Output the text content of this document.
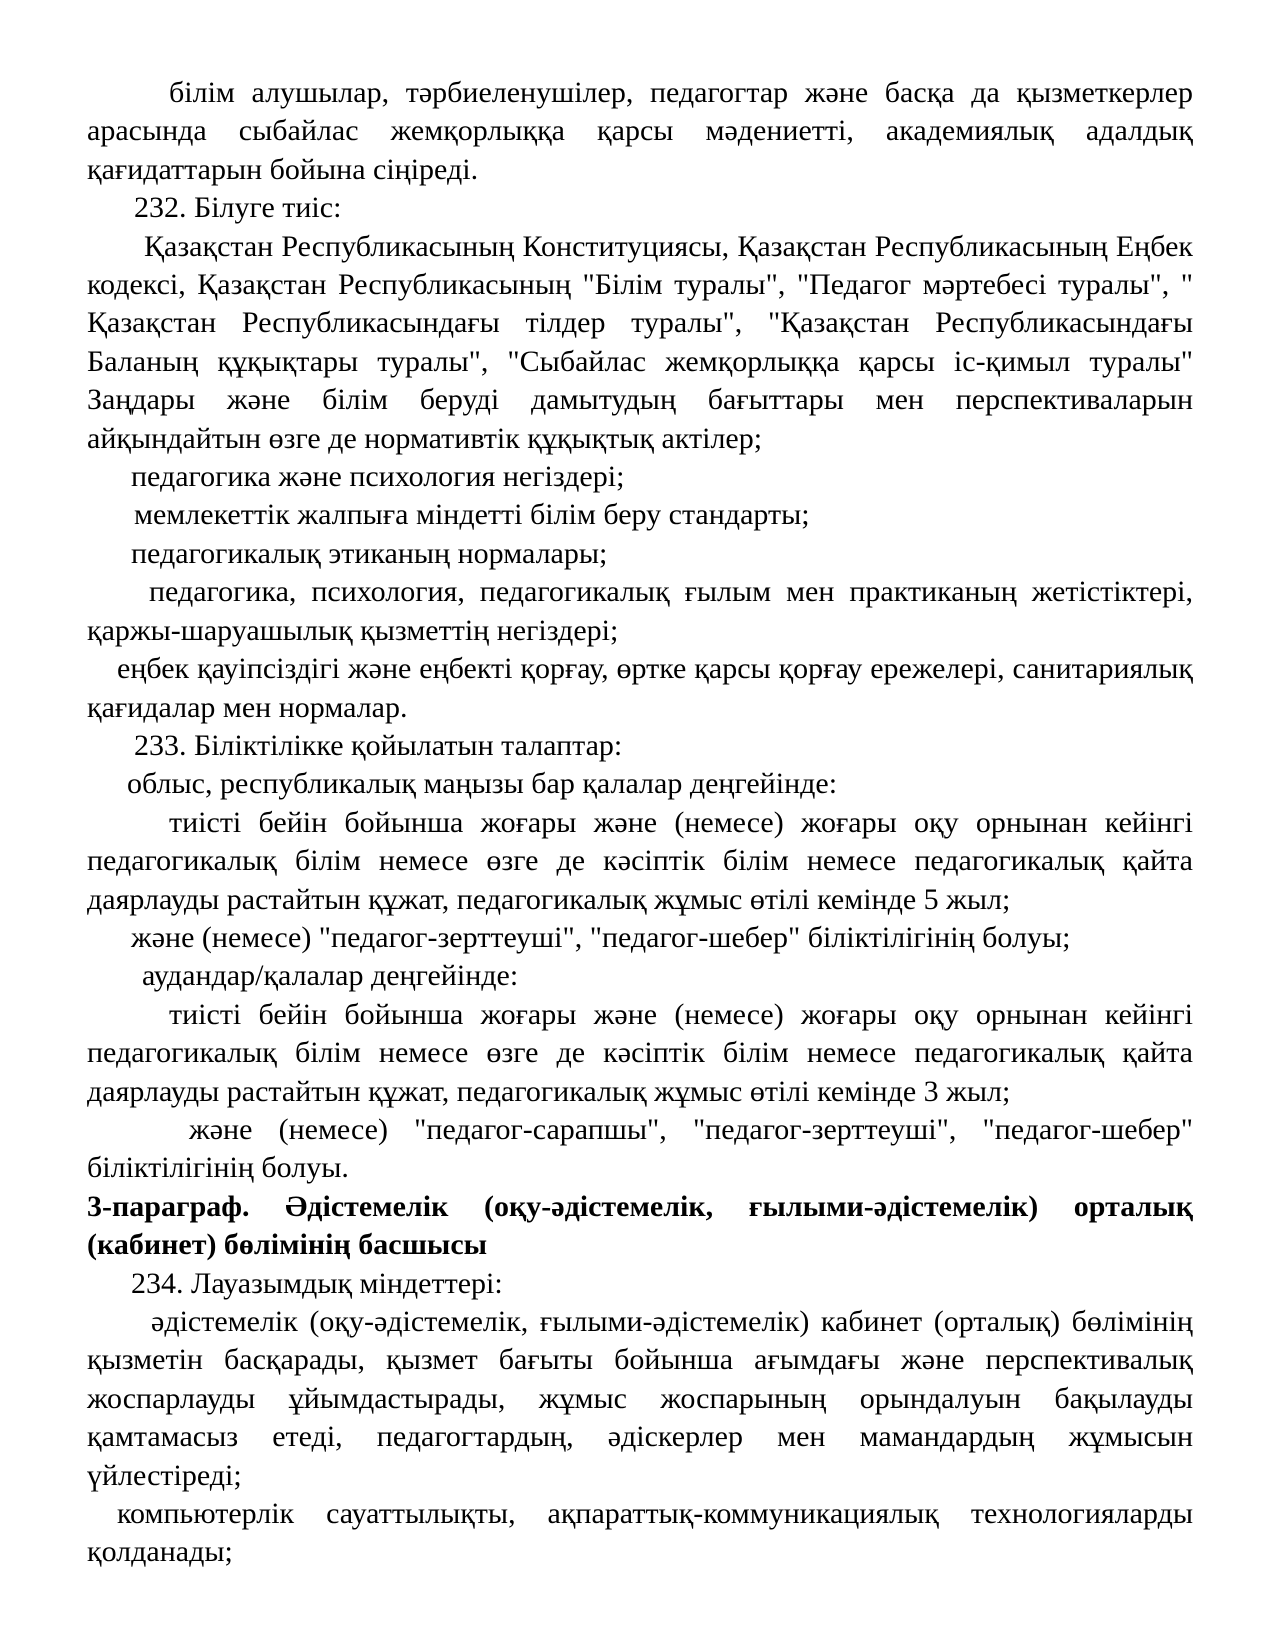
білім алушылар, тәрбиеленушілер, педагогтар және басқа да қызметкерлер арасында сыбайлас жемқорлыққа қарсы мәдениетті, академиялық адалдық қағидаттарын бойына сіңіреді.

232. Білуге тиіс:

Қазақстан Республикасының Конституциясы, Қазақстан Республикасының Еңбек кодексі, Қазақстан Республикасының "Білім туралы", "Педагог мәртебесі туралы", " Қазақстан Республикасындағы тілдер туралы", "Қазақстан Республикасындағы Баланың құқықтары туралы", "Сыбайлас жемқорлыққа қарсы іс-қимыл туралы" Заңдары және білім беруді дамытудың бағыттары мен перспективаларын айқындайтын өзге де нормативтік құқықтық актілер;

педагогика және психология негіздері;

мемлекеттік жалпыға міндетті білім беру стандарты;

педагогикалық этиканың нормалары;

педагогика, психология, педагогикалық ғылым мен практиканың жетістіктері, қаржы-шаруашылық қызметтің негіздері;

еңбек қауіпсіздігі және еңбекті қорғау, өртке қарсы қорғау ережелері, санитариялық қағидалар мен нормалар.

233. Біліктілікке қойылатын талаптар:

облыс, республикалық маңызы бар қалалар деңгейінде:

тиісті бейін бойынша жоғары және (немесе) жоғары оқу орнынан кейінгі педагогикалық білім немесе өзге де кәсіптік білім немесе педагогикалық қайта даярлауды растайтын құжат, педагогикалық жұмыс өтілі кемінде 5 жыл;

және (немесе) "педагог-зерттеуші", "педагог-шебер" біліктілігінің болуы;

аудандар/қалалар деңгейінде:

тиісті бейін бойынша жоғары және (немесе) жоғары оқу орнынан кейінгі педагогикалық білім немесе өзге де кәсіптік білім немесе педагогикалық қайта даярлауды растайтын құжат, педагогикалық жұмыс өтілі кемінде 3 жыл;

және (немесе) "педагог-сарапшы", "педагог-зерттеуші", "педагог-шебер" біліктілігінің болуы.

3-параграф. Әдістемелік (оқу-әдістемелік, ғылыми-әдістемелік) орталық (кабинет) бөлімінің басшысы

234. Лауазымдық міндеттері:

әдістемелік (оқу-әдістемелік, ғылыми-әдістемелік) кабинет (орталық) бөлімінің қызметін басқарады, қызмет бағыты бойынша ағымдағы және перспективалық жоспарлауды ұйымдастырады, жұмыс жоспарының орындалуын бақылауды қамтамасыз етеді, педагогтардың, әдіскерлер мен мамандардың жұмысын үйлестіреді;

компьютерлік сауаттылықты, ақпараттық-коммуникациялық технологияларды қолданады;
